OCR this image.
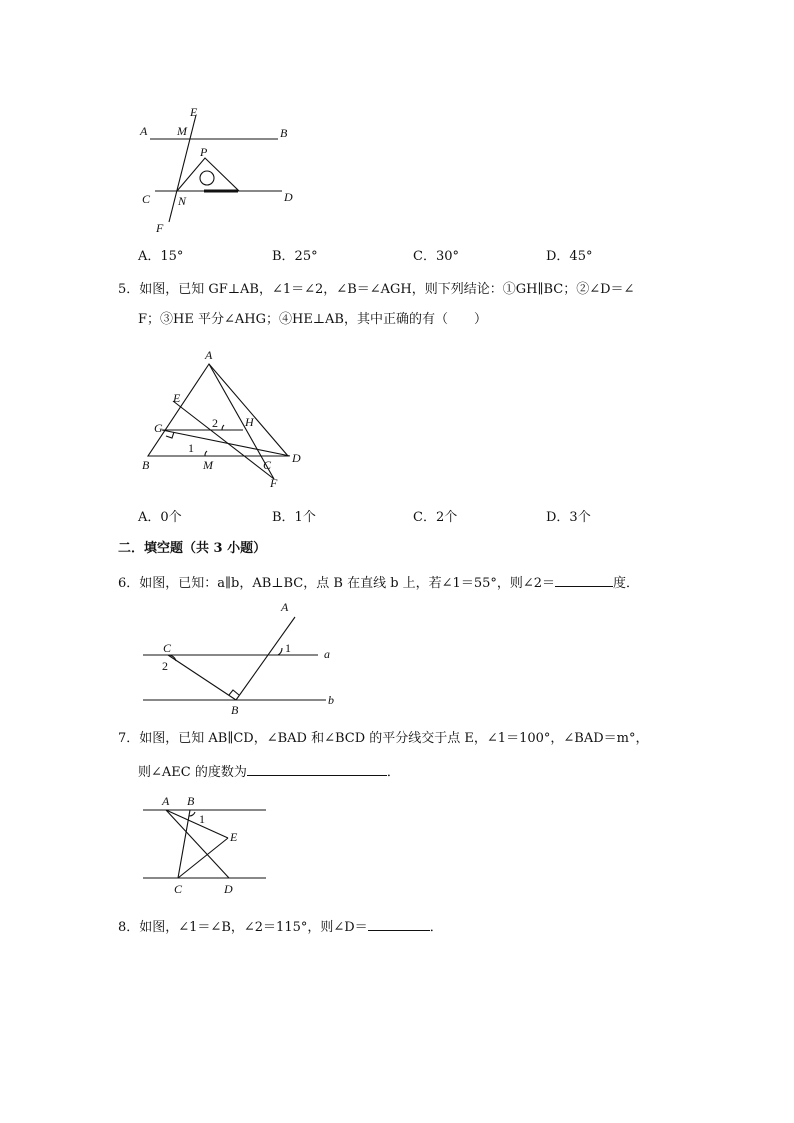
E
A M	B
P
C N	D
F
A．15°	B．25°	C．30°	D．45°
5．如图，已知 GF⊥AB，∠1＝∠2，∠B＝∠AGH，则下列结论：①GH∥BC；②∠D＝∠
F；③HE 平分∠AHG；④HE⊥AB，其中正确的有（　　）
A
E
2 H
G
1
B	M	C D
F
A．0个	B．1个	C．2个	D．3个
二．填空题（共 3 小题）
6．如图，已知：a∥b，AB⊥BC，点 B 在直线 b 上，若∠1＝55°，则∠2＝	度．
A
C	1	a
2
b
B
7．如图，已知 AB∥CD，∠BAD 和∠BCD 的平分线交于点 E，∠1＝100°，∠BAD＝m°，
则∠AEC 的度数为	．
A B
1
E
C	D
8．如图，∠1＝∠B，∠2＝115°，则∠D＝	．
